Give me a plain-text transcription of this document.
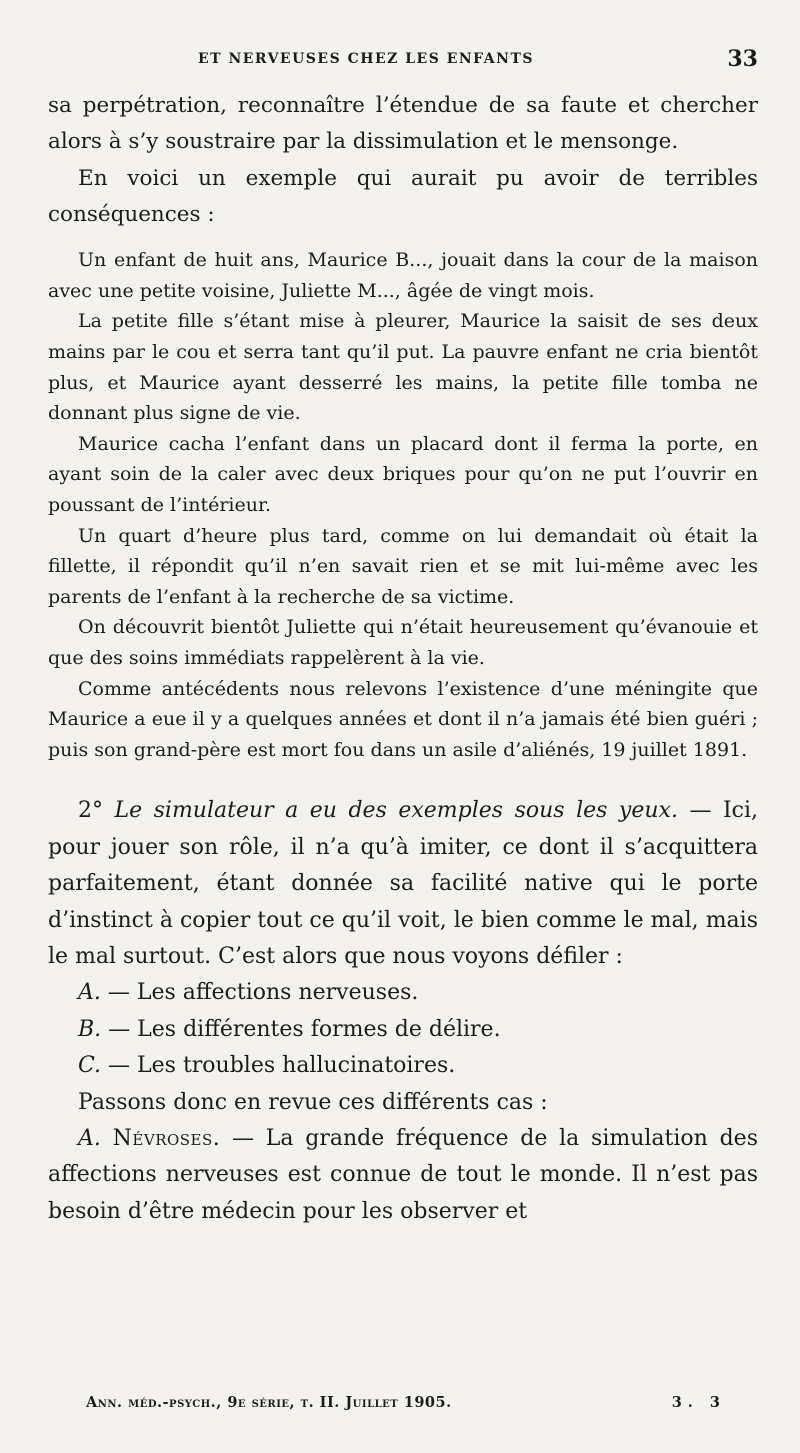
ET NERVEUSES CHEZ LES ENFANTS	33

sa perpétration, reconnaître l’étendue de sa faute et chercher alors à s’y soustraire par la dissimulation et le mensonge.

En voici un exemple qui aurait pu avoir de terribles conséquences :

Un enfant de huit ans, Maurice B..., jouait dans la cour de la maison avec une petite voisine, Juliette M..., âgée de vingt mois.

La petite fille s’étant mise à pleurer, Maurice la saisit de ses deux mains par le cou et serra tant qu’il put. La pauvre enfant ne cria bientôt plus, et Maurice ayant desserré les mains, la petite fille tomba ne donnant plus signe de vie.

Maurice cacha l’enfant dans un placard dont il ferma la porte, en ayant soin de la caler avec deux briques pour qu’on ne put l’ouvrir en poussant de l’intérieur.

Un quart d’heure plus tard, comme on lui demandait où était la fillette, il répondit qu’il n’en savait rien et se mit lui-même avec les parents de l’enfant à la recherche de sa victime.

On découvrit bientôt Juliette qui n’était heureusement qu’évanouie et que des soins immédiats rappelèrent à la vie.

Comme antécédents nous relevons l’existence d’une méningite que Maurice a eue il y a quelques années et dont il n’a jamais été bien guéri ; puis son grand-père est mort fou dans un asile d’aliénés, 19 juillet 1891.

2° Le simulateur a eu des exemples sous les yeux. — Ici, pour jouer son rôle, il n’a qu’à imiter, ce dont il s’acquittera parfaitement, étant donnée sa facilité native qui le porte d’instinct à copier tout ce qu’il voit, le bien comme le mal, mais le mal surtout. C’est alors que nous voyons défiler :

A. — Les affections nerveuses.

B. — Les différentes formes de délire.

C. — Les troubles hallucinatoires.

Passons donc en revue ces différents cas :

A. Névroses. — La grande fréquence de la simulation des affections nerveuses est connue de tout le monde. Il n’est pas besoin d’être médecin pour les observer et

Ann. méd.-psych., 9e série, t. II. Juillet 1905.	3. 3
